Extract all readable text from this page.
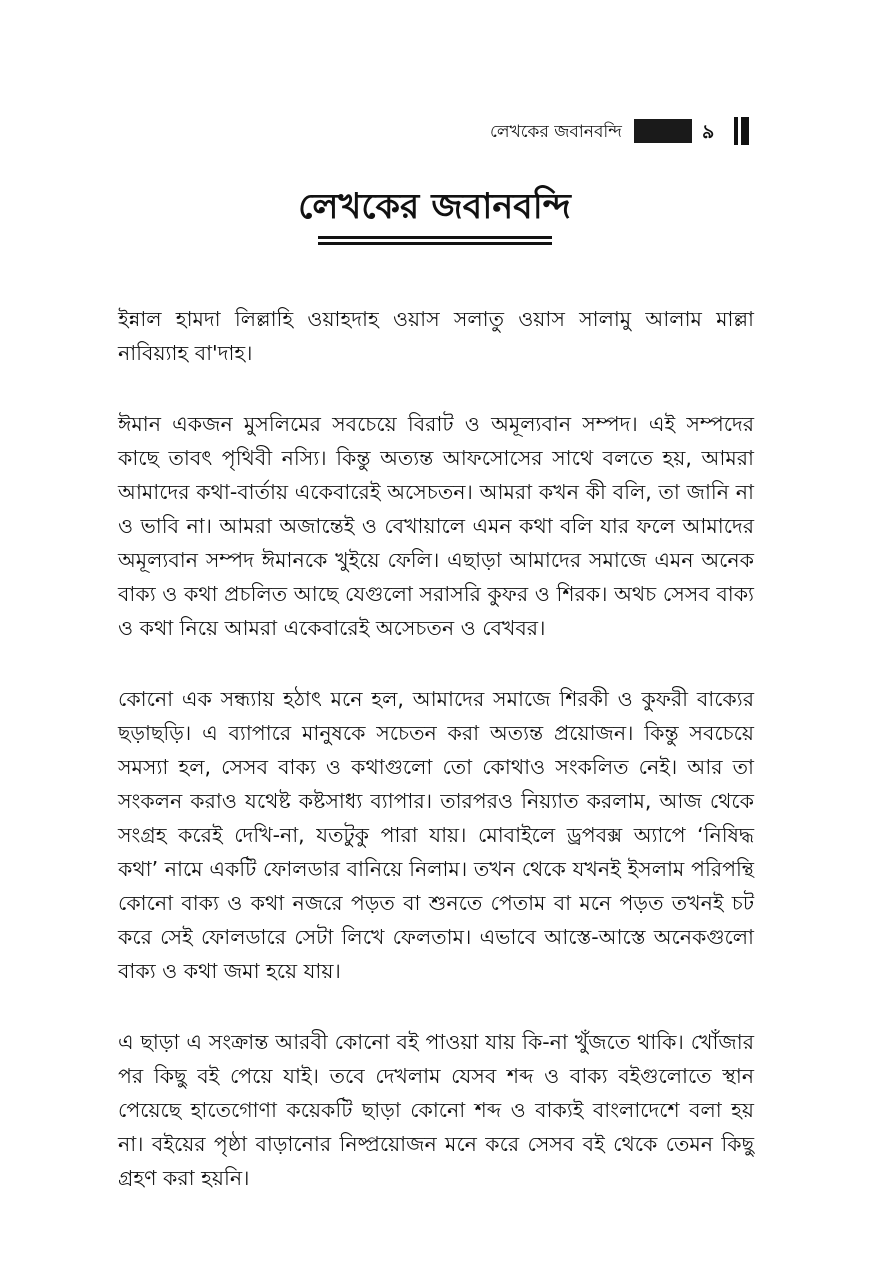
লেখকের জবানবন্দি	৯
লেখকের জবানবন্দি

ইন্নাল হামদা লিল্লাহি ওয়াহদাহ ওয়াস সলাতু ওয়াস সালামু আলাম মাল্লা নাবিয়্যাহ বা'দাহ।

ঈমান একজন মুসলিমের সবচেয়ে বিরাট ও অমূল্যবান সম্পদ। এই সম্পদের কাছে তাবৎ পৃথিবী নস্যি। কিন্তু অত্যন্ত আফসোসের সাথে বলতে হয়, আমরা আমাদের কথা-বার্তায় একেবারেই অসেচতন। আমরা কখন কী বলি, তা জানি না ও ভাবি না। আমরা অজান্তেই ও বেখায়ালে এমন কথা বলি যার ফলে আমাদের অমূল্যবান সম্পদ ঈমানকে খুইয়ে ফেলি। এছাড়া আমাদের সমাজে এমন অনেক বাক্য ও কথা প্রচলিত আছে যেগুলো সরাসরি কুফর ও শিরক। অথচ সেসব বাক্য ও কথা নিয়ে আমরা একেবারেই অসেচতন ও বেখবর।

কোনো এক সন্ধ্যায় হঠাৎ মনে হল, আমাদের সমাজে শিরকী ও কুফরী বাক্যের ছড়াছড়ি। এ ব্যাপারে মানুষকে সচেতন করা অত্যন্ত প্রয়োজন। কিন্তু সবচেয়ে সমস্যা হল, সেসব বাক্য ও কথাগুলো তো কোথাও সংকলিত নেই। আর তা সংকলন করাও যথেষ্ট কষ্টসাধ্য ব্যাপার। তারপরও নিয়্যাত করলাম, আজ থেকে সংগ্রহ করেই দেখি-না, যতটুকু পারা যায়। মোবাইলে ড্রপবক্স অ্যাপে ‘নিষিদ্ধ কথা’ নামে একটি ফোলডার বানিয়ে নিলাম। তখন থেকে যখনই ইসলাম পরিপন্থি কোনো বাক্য ও কথা নজরে পড়ত বা শুনতে পেতাম বা মনে পড়ত তখনই চট করে সেই ফোলডারে সেটা লিখে ফেলতাম। এভাবে আস্তে-আস্তে অনেকগুলো বাক্য ও কথা জমা হয়ে যায়।

এ ছাড়া এ সংক্রান্ত আরবী কোনো বই পাওয়া যায় কি-না খুঁজতে থাকি। খোঁজার পর কিছু বই পেয়ে যাই। তবে দেখলাম যেসব শব্দ ও বাক্য বইগুলোতে স্থান পেয়েছে হাতেগোণা কয়েকটি ছাড়া কোনো শব্দ ও বাক্যই বাংলাদেশে বলা হয় না। বইয়ের পৃষ্ঠা বাড়ানোর নিষ্প্রয়োজন মনে করে সেসব বই থেকে তেমন কিছু গ্রহণ করা হয়নি।
